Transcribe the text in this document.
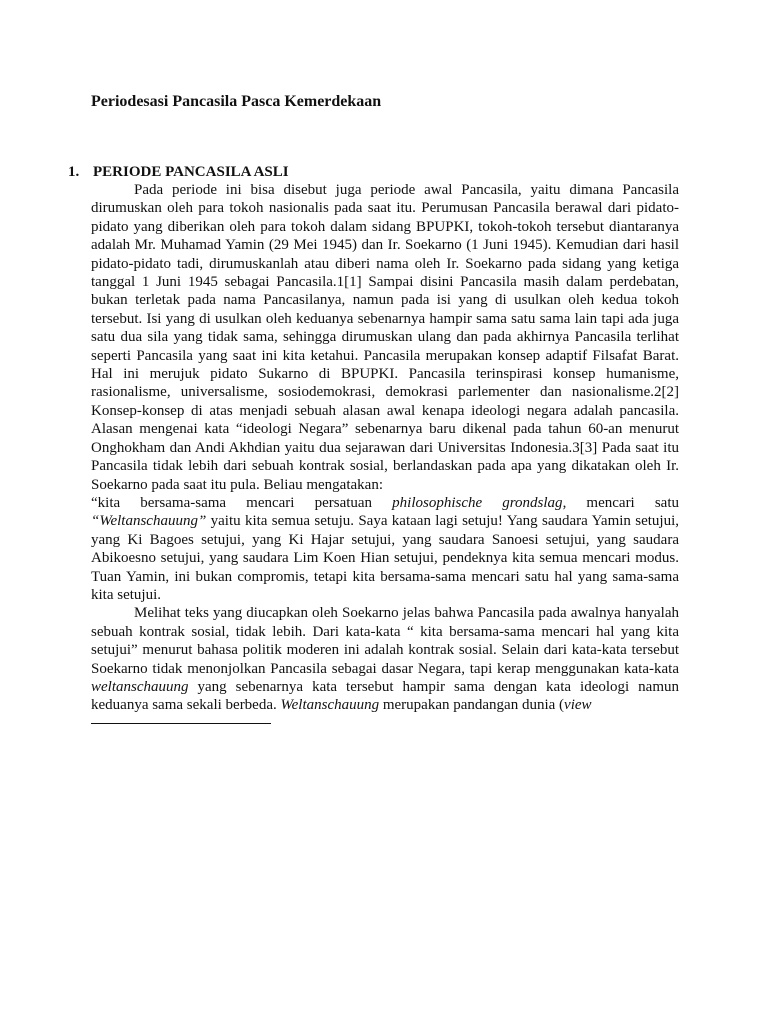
Periodesasi Pancasila Pasca Kemerdekaan
1. PERIODE PANCASILA ASLI

Pada periode ini bisa disebut juga periode awal Pancasila, yaitu dimana Pancasila dirumuskan oleh para tokoh nasionalis pada saat itu. Perumusan Pancasila berawal dari pidato-pidato yang diberikan oleh para tokoh dalam sidang BPUPKI, tokoh-tokoh tersebut diantaranya adalah Mr. Muhamad Yamin (29 Mei 1945) dan Ir. Soekarno (1 Juni 1945). Kemudian dari hasil pidato-pidato tadi, dirumuskanlah atau diberi nama oleh Ir. Soekarno pada sidang yang ketiga tanggal 1 Juni 1945 sebagai Pancasila.1[1] Sampai disini Pancasila masih dalam perdebatan, bukan terletak pada nama Pancasilanya, namun pada isi yang di usulkan oleh kedua tokoh tersebut. Isi yang di usulkan oleh keduanya sebenarnya hampir sama satu sama lain tapi ada juga satu dua sila yang tidak sama, sehingga dirumuskan ulang dan pada akhirnya Pancasila terlihat seperti Pancasila yang saat ini kita ketahui. Pancasila merupakan konsep adaptif Filsafat Barat. Hal ini merujuk pidato Sukarno di BPUPKI. Pancasila terinspirasi konsep humanisme, rasionalisme, universalisme, sosiodemokrasi, demokrasi parlementer dan nasionalisme.2[2] Konsep-konsep di atas menjadi sebuah alasan awal kenapa ideologi negara adalah pancasila. Alasan mengenai kata “ideologi Negara” sebenarnya baru dikenal pada tahun 60-an menurut Onghokham dan Andi Akhdian yaitu dua sejarawan dari Universitas Indonesia.3[3] Pada saat itu Pancasila tidak lebih dari sebuah kontrak sosial, berlandaskan pada apa yang dikatakan oleh Ir. Soekarno pada saat itu pula. Beliau mengatakan:

“kita bersama-sama mencari persatuan philosophische grondslag, mencari satu “Weltanschauung” yaitu kita semua setuju. Saya kataan lagi setuju! Yang saudara Yamin setujui, yang Ki Bagoes setujui, yang Ki Hajar setujui, yang saudara Sanoesi setujui, yang saudara Abikoesno setujui, yang saudara Lim Koen Hian setujui, pendeknya kita semua mencari modus. Tuan Yamin, ini bukan compromis, tetapi kita bersama-sama mencari satu hal yang sama-sama kita setujui.

Melihat teks yang diucapkan oleh Soekarno jelas bahwa Pancasila pada awalnya hanyalah sebuah kontrak sosial, tidak lebih. Dari kata-kata “ kita bersama-sama mencari hal yang kita setujui” menurut bahasa politik moderen ini adalah kontrak sosial. Selain dari kata-kata tersebut Soekarno tidak menonjolkan Pancasila sebagai dasar Negara, tapi kerap menggunakan kata-kata weltanschauung yang sebenarnya kata tersebut hampir sama dengan kata ideologi namun keduanya sama sekali berbeda. Weltanschauung merupakan pandangan dunia (view
